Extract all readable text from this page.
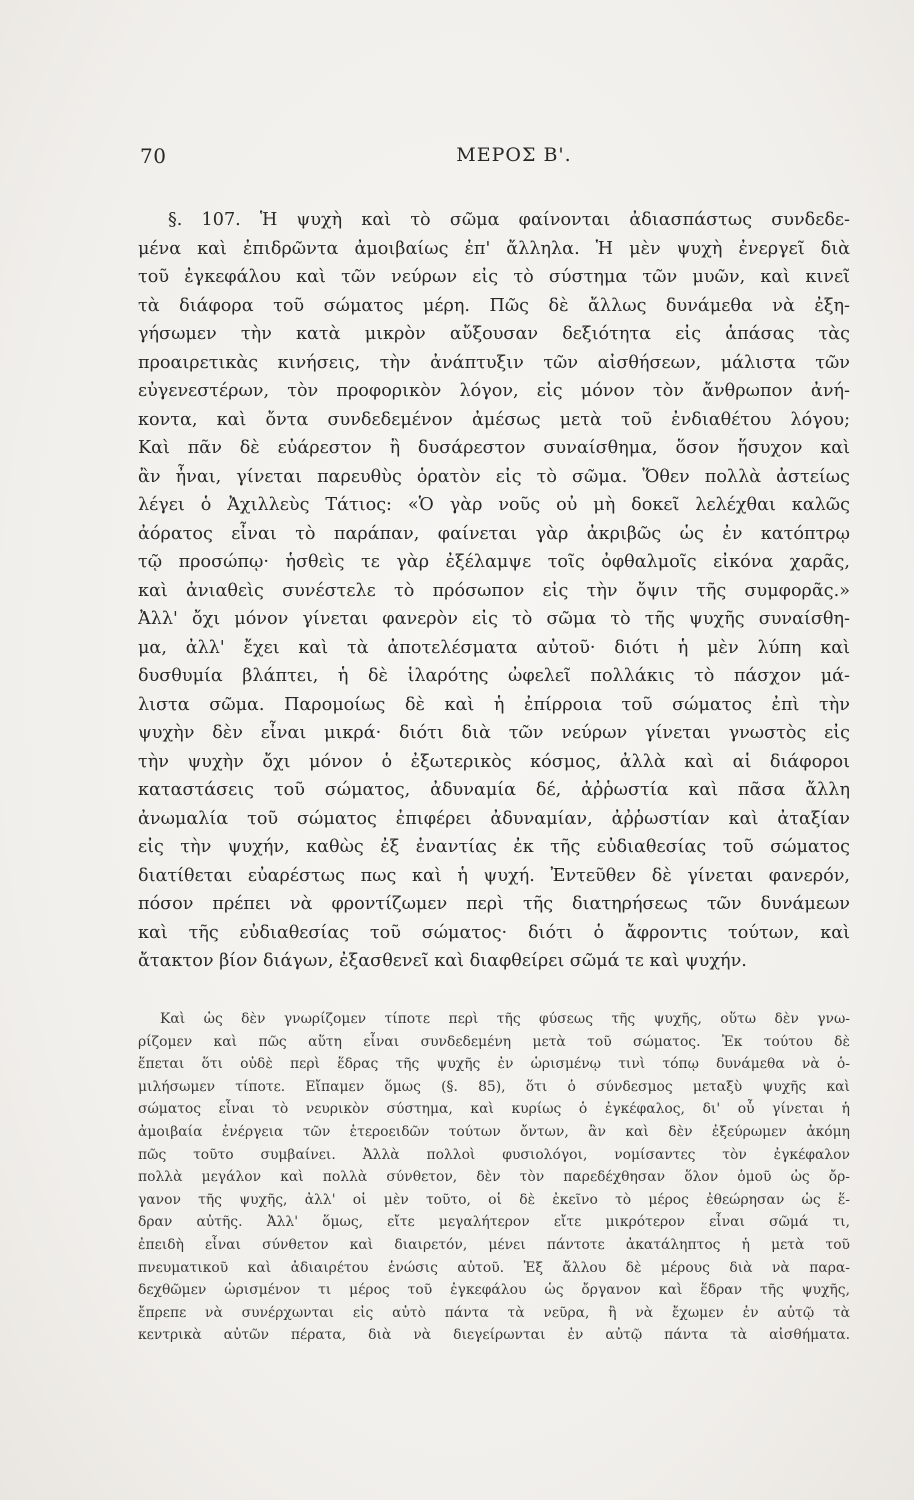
70	ΜΕΡΟΣ Β'.
§. 107. Ἡ ψυχὴ καὶ τὸ σῶμα φαίνονται ἀδιασπάστως συνδεδε-
μένα καὶ ἐπιδρῶντα ἀμοιβαίως ἐπ' ἄλληλα. Ἡ μὲν ψυχὴ ἐνεργεῖ διὰ
τοῦ ἐγκεφάλου καὶ τῶν νεύρων εἰς τὸ σύστημα τῶν μυῶν, καὶ κινεῖ
τὰ διάφορα τοῦ σώματος μέρη. Πῶς δὲ ἄλλως δυνάμεθα νὰ ἐξη-
γήσωμεν τὴν κατὰ μικρὸν αὔξουσαν δεξιότητα εἰς ἁπάσας τὰς
προαιρετικὰς κινήσεις, τὴν ἀνάπτυξιν τῶν αἰσθήσεων, μάλιστα τῶν
εὐγενεστέρων, τὸν προφορικὸν λόγον, εἰς μόνον τὸν ἄνθρωπον ἀνή-
κοντα, καὶ ὄντα συνδεδεμένον ἀμέσως μετὰ τοῦ ἐνδιαθέτου λόγου;
Καὶ πᾶν δὲ εὐάρεστον ἢ δυσάρεστον συναίσθημα, ὅσον ἥσυχον καὶ
ἂν ἦναι, γίνεται παρευθὺς ὁρατὸν εἰς τὸ σῶμα. Ὅθεν πολλὰ ἀστείως
λέγει ὁ Ἀχιλλεὺς Τάτιος: «Ὁ γὰρ νοῦς οὐ μὴ δοκεῖ λελέχθαι καλῶς
ἀόρατος εἶναι τὸ παράπαν, φαίνεται γὰρ ἀκριβῶς ὡς ἐν κατόπτρῳ
τῷ προσώπῳ· ἡσθεὶς τε γὰρ ἐξέλαμψε τοῖς ὀφθαλμοῖς εἰκόνα χαρᾶς,
καὶ ἀνιαθεὶς συνέστελε τὸ πρόσωπον εἰς τὴν ὄψιν τῆς συμφορᾶς.»
Ἀλλ' ὄχι μόνον γίνεται φανερὸν εἰς τὸ σῶμα τὸ τῆς ψυχῆς συναίσθη-
μα, ἀλλ' ἔχει καὶ τὰ ἀποτελέσματα αὐτοῦ· διότι ἡ μὲν λύπη καὶ
δυσθυμία βλάπτει, ἡ δὲ ἱλαρότης ὠφελεῖ πολλάκις τὸ πάσχον μά-
λιστα σῶμα. Παρομοίως δὲ καὶ ἡ ἐπίρροια τοῦ σώματος ἐπὶ τὴν
ψυχὴν δὲν εἶναι μικρά· διότι διὰ τῶν νεύρων γίνεται γνωστὸς εἰς
τὴν ψυχὴν ὄχι μόνον ὁ ἐξωτερικὸς κόσμος, ἀλλὰ καὶ αἱ διάφοροι
καταστάσεις τοῦ σώματος, ἀδυναμία δέ, ἀῤῥωστία καὶ πᾶσα ἄλλη
ἀνωμαλία τοῦ σώματος ἐπιφέρει ἀδυναμίαν, ἀῤῥωστίαν καὶ ἀταξίαν
εἰς τὴν ψυχήν, καθὼς ἐξ ἐναντίας ἐκ τῆς εὐδιαθεσίας τοῦ σώματος
διατίθεται εὐαρέστως πως καὶ ἡ ψυχή. Ἐντεῦθεν δὲ γίνεται φανερόν,
πόσον πρέπει νὰ φροντίζωμεν περὶ τῆς διατηρήσεως τῶν δυνάμεων
καὶ τῆς εὐδιαθεσίας τοῦ σώματος· διότι ὁ ἄφροντις τούτων, καὶ
ἄτακτον βίον διάγων, ἐξασθενεῖ καὶ διαφθείρει σῶμά τε καὶ ψυχήν.
Καὶ ὡς δὲν γνωρίζομεν τίποτε περὶ τῆς φύσεως τῆς ψυχῆς, οὕτω δὲν γνω-
ρίζομεν καὶ πῶς αὕτη εἶναι συνδεδεμένη μετὰ τοῦ σώματος. Ἐκ τούτου δὲ
ἕπεται ὅτι οὐδὲ περὶ ἕδρας τῆς ψυχῆς ἐν ὡρισμένῳ τινὶ τόπῳ δυνάμεθα νὰ ὁ-
μιλήσωμεν τίποτε. Εἴπαμεν ὅμως (§. 85), ὅτι ὁ σύνδεσμος μεταξὺ ψυχῆς καὶ
σώματος εἶναι τὸ νευρικὸν σύστημα, καὶ κυρίως ὁ ἐγκέφαλος, δι' οὗ γίνεται ἡ
ἀμοιβαία ἐνέργεια τῶν ἑτεροειδῶν τούτων ὄντων, ἂν καὶ δὲν ἐξεύρωμεν ἀκόμη
πῶς τοῦτο συμβαίνει. Ἀλλὰ πολλοὶ φυσιολόγοι, νομίσαντες τὸν ἐγκέφαλον
πολλὰ μεγάλον καὶ πολλὰ σύνθετον, δὲν τὸν παρεδέχθησαν ὅλον ὁμοῦ ὡς ὄρ-
γανον τῆς ψυχῆς, ἀλλ' οἱ μὲν τοῦτο, οἱ δὲ ἐκεῖνο τὸ μέρος ἐθεώρησαν ὡς ἕ-
δραν αὐτῆς. Ἀλλ' ὅμως, εἴτε μεγαλήτερον εἴτε μικρότερον εἶναι σῶμά τι,
ἐπειδὴ εἶναι σύνθετον καὶ διαιρετόν, μένει πάντοτε ἀκατάληπτος ἡ μετὰ τοῦ
πνευματικοῦ καὶ ἀδιαιρέτου ἑνώσις αὐτοῦ. Ἐξ ἄλλου δὲ μέρους διὰ νὰ παρα-
δεχθῶμεν ὡρισμένον τι μέρος τοῦ ἐγκεφάλου ὡς ὄργανον καὶ ἕδραν τῆς ψυχῆς,
ἔπρεπε νὰ συνέρχωνται εἰς αὐτὸ πάντα τὰ νεῦρα, ἢ νὰ ἔχωμεν ἐν αὐτῷ τὰ
κεντρικὰ αὐτῶν πέρατα, διὰ νὰ διεγείρωνται ἐν αὐτῷ πάντα τὰ αἰσθήματα.
